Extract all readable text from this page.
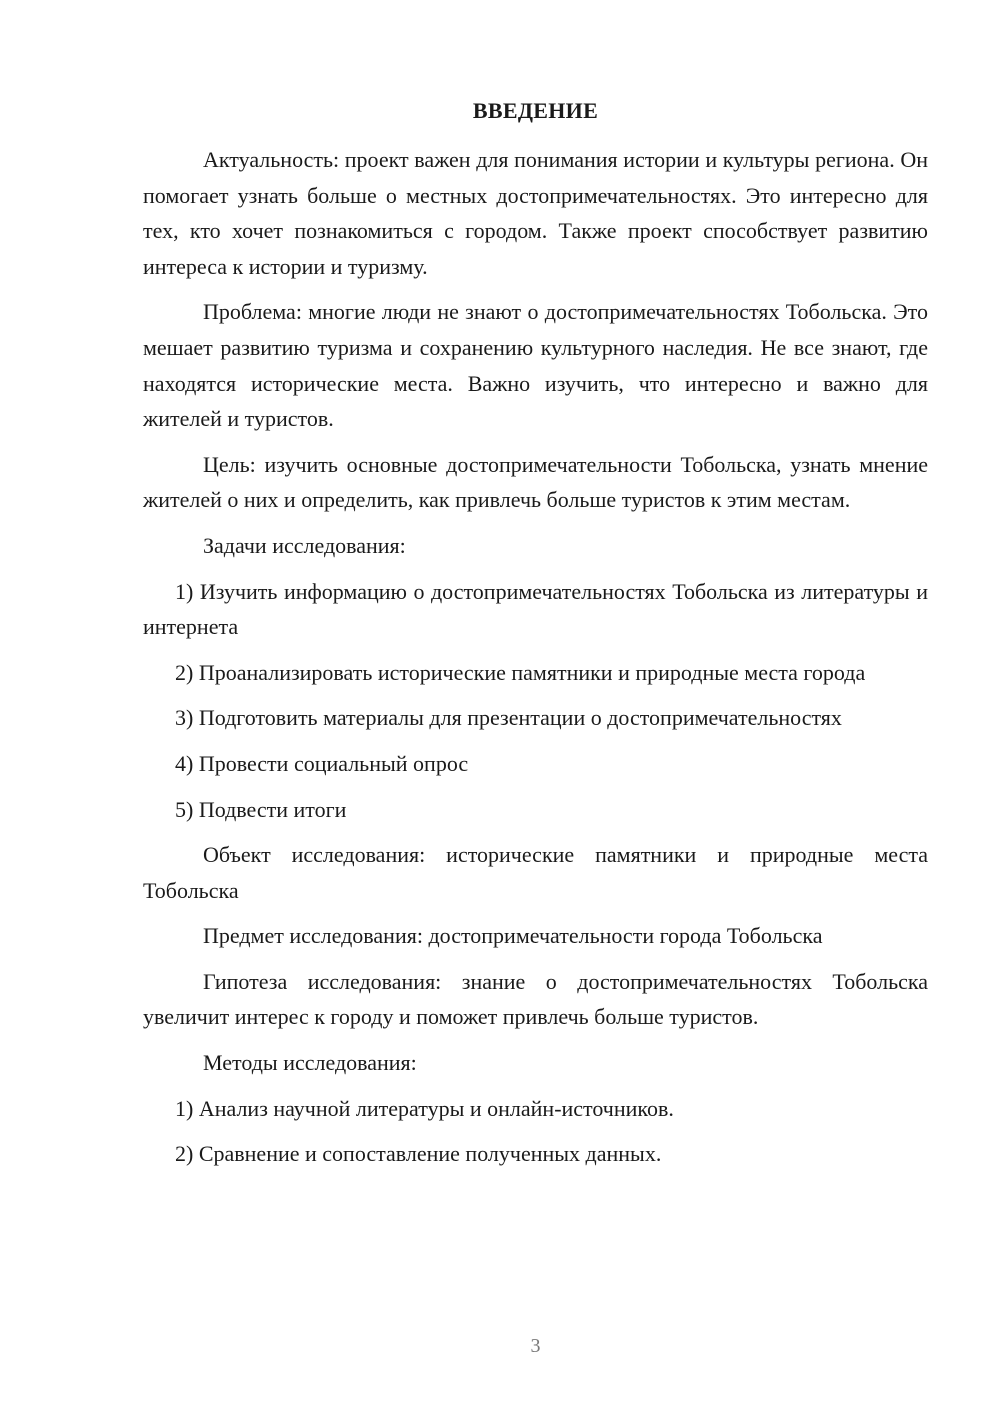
ВВЕДЕНИЕ

Актуальность: проект важен для понимания истории и культуры региона. Он помогает узнать больше о местных достопримечательностях. Это интересно для тех, кто хочет познакомиться с городом. Также проект способствует развитию интереса к истории и туризму.

Проблема: многие люди не знают о достопримечательностях Тобольска. Это мешает развитию туризма и сохранению культурного наследия. Не все знают, где находятся исторические места. Важно изучить, что интересно и важно для жителей и туристов.

Цель: изучить основные достопримечательности Тобольска, узнать мнение жителей о них и определить, как привлечь больше туристов к этим местам.

Задачи исследования:

1) Изучить информацию о достопримечательностях Тобольска из литературы и интернета

2) Проанализировать исторические памятники и природные места города

3) Подготовить материалы для презентации о достопримечательностях

4) Провести социальный опрос

5) Подвести итоги

Объект исследования: исторические памятники и природные места Тобольска

Предмет исследования: достопримечательности города Тобольска

Гипотеза исследования: знание о достопримечательностях Тобольска увеличит интерес к городу и поможет привлечь больше туристов.

Методы исследования:

1) Анализ научной литературы и онлайн-источников.

2) Сравнение и сопоставление полученных данных.

3
